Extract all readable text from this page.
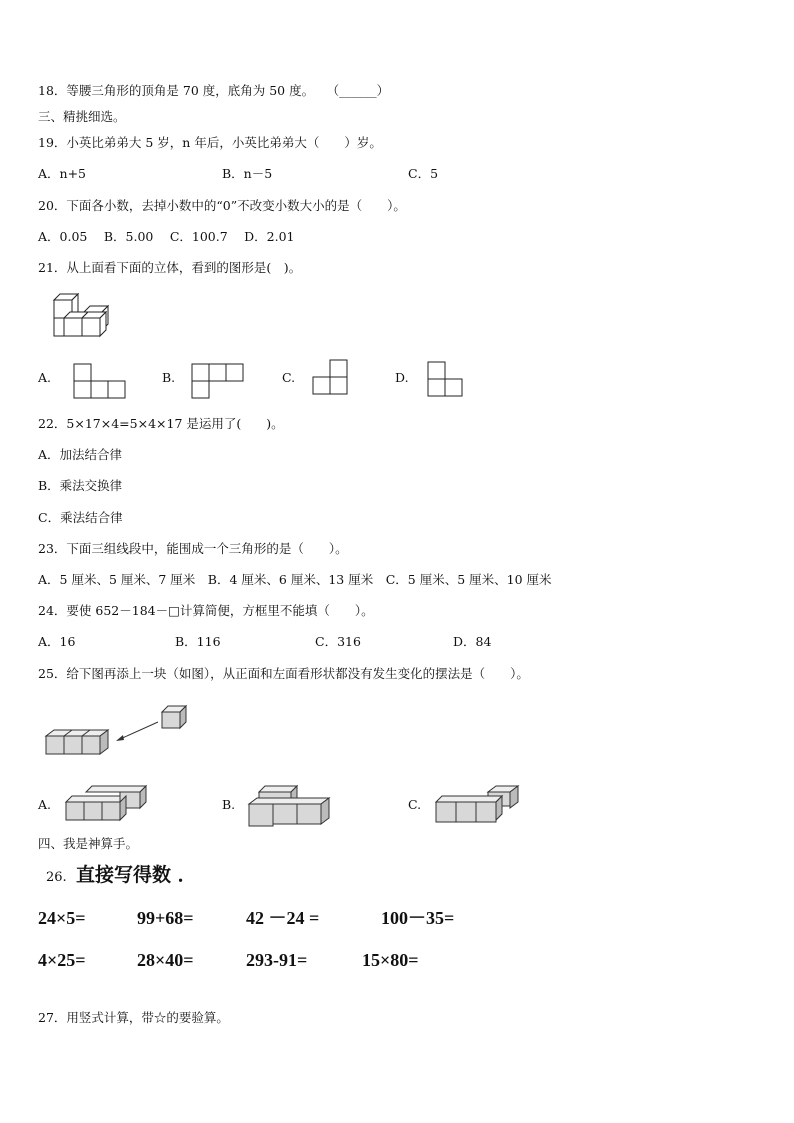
18．等腰三角形的顶角是 70 度，底角为 50 度。　　（______）
三、精挑细选。
19．小英比弟弟大 5 岁，n 年后，小英比弟弟大（　　）岁。
A．n+5	B．n－5	C．5
20．下面各小数，去掉小数中的“0”不改变小数大小的是（　　）。
A．0.05　 B．5.00　 C．100.7　 D．2.01
21．从上面看下面的立体，看到的图形是(　)。
A.	B.	C.	D.
22．5×17×4=5×4×17 是运用了(　　)。
A．加法结合律
B．乘法交换律
C．乘法结合律
23．下面三组线段中，能围成一个三角形的是（　　）。
A．5 厘米、5 厘米、7 厘米　B．4 厘米、6 厘米、13 厘米　C．5 厘米、5 厘米、10 厘米
24．要使 652－184－□计算简便，方框里不能填（　　）。
A．16	B．116	C．316	D．84
25．给下图再添上一块（如图），从正面和左面看形状都没有发生变化的摆法是（　　）。
A.	B.	C.
四、我是神算手。
26. 直接写得数 ．
24×5=	99+68=	42 －24 =	100－35=
4×25=	28×40=	293-91=	15×80=
27．用竖式计算，带☆的要验算。
